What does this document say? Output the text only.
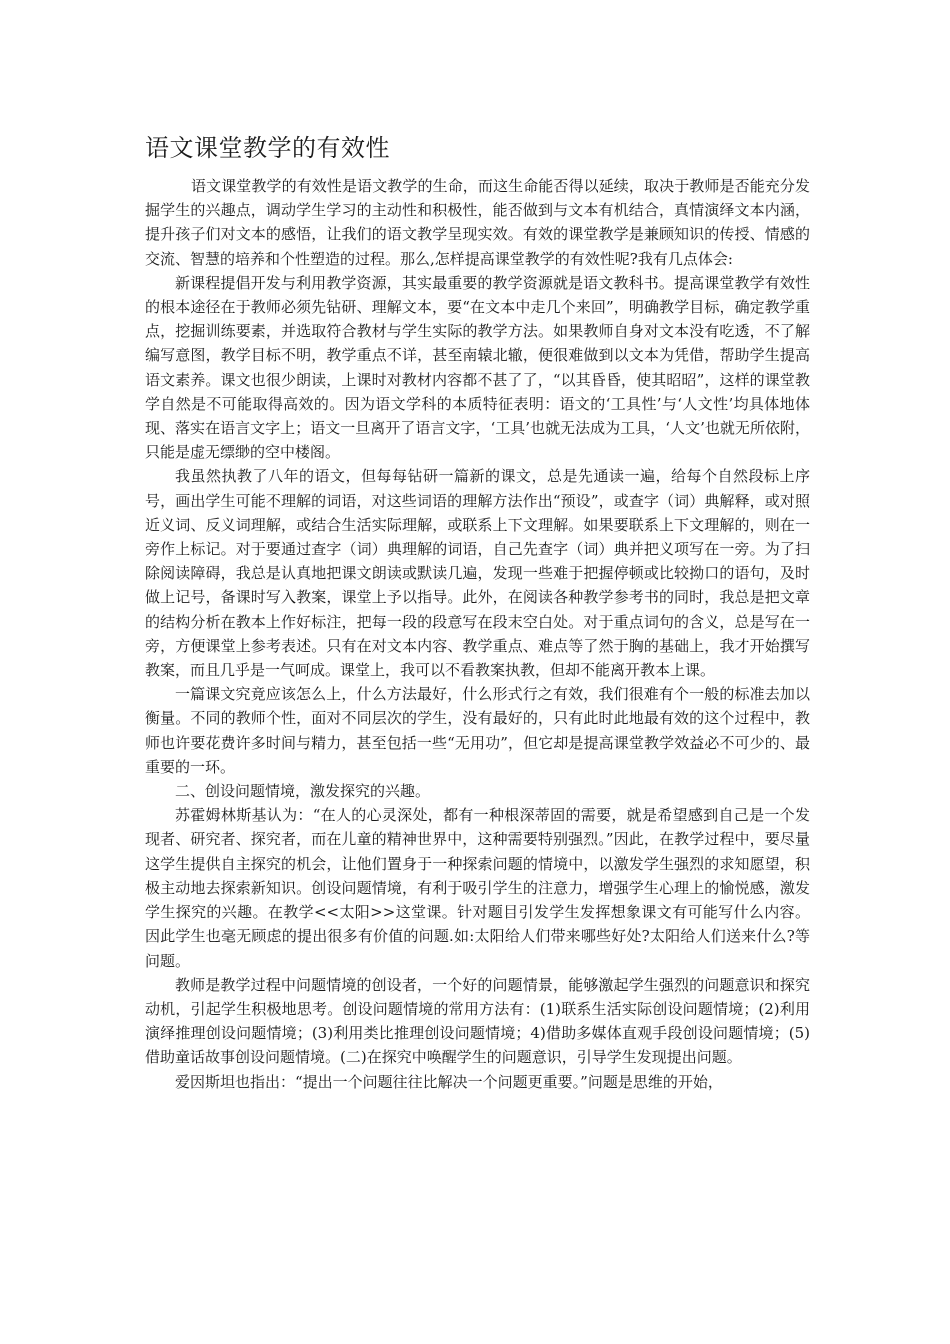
语文课堂教学的有效性

语文课堂教学的有效性是语文教学的生命，而这生命能否得以延续，取决于教师是否能充分发掘学生的兴趣点，调动学生学习的主动性和积极性，能否做到与文本有机结合，真情演绎文本内涵，提升孩子们对文本的感悟，让我们的语文教学呈现实效。有效的课堂教学是兼顾知识的传授、情感的交流、智慧的培养和个性塑造的过程。那么,怎样提高课堂教学的有效性呢?我有几点体会:

新课程提倡开发与利用教学资源，其实最重要的教学资源就是语文教科书。提高课堂教学有效性的根本途径在于教师必须先钻研、理解文本，要“在文本中走几个来回”，明确教学目标，确定教学重点，挖掘训练要素，并选取符合教材与学生实际的教学方法。如果教师自身对文本没有吃透，不了解编写意图，教学目标不明，教学重点不详，甚至南辕北辙，便很难做到以文本为凭借，帮助学生提高语文素养。课文也很少朗读，上课时对教材内容都不甚了了，“以其昏昏，使其昭昭”，这样的课堂教学自然是不可能取得高效的。因为语文学科的本质特征表明：语文的‘工具性’与‘人文性’均具体地体现、落实在语言文字上；语文一旦离开了语言文字，‘工具’也就无法成为工具，‘人文’也就无所依附，只能是虚无缥缈的空中楼阁。

我虽然执教了八年的语文，但每每钻研一篇新的课文，总是先通读一遍，给每个自然段标上序号，画出学生可能不理解的词语，对这些词语的理解方法作出“预设”，或查字（词）典解释，或对照近义词、反义词理解，或结合生活实际理解，或联系上下文理解。如果要联系上下文理解的，则在一旁作上标记。对于要通过查字（词）典理解的词语，自己先查字（词）典并把义项写在一旁。为了扫除阅读障碍，我总是认真地把课文朗读或默读几遍，发现一些难于把握停顿或比较拗口的语句，及时做上记号，备课时写入教案，课堂上予以指导。此外，在阅读各种教学参考书的同时，我总是把文章的结构分析在教本上作好标注，把每一段的段意写在段末空白处。对于重点词句的含义，总是写在一旁，方便课堂上参考表述。只有在对文本内容、教学重点、难点等了然于胸的基础上，我才开始撰写教案，而且几乎是一气呵成。课堂上，我可以不看教案执教，但却不能离开教本上课。

一篇课文究竟应该怎么上，什么方法最好，什么形式行之有效，我们很难有个一般的标准去加以衡量。不同的教师个性，面对不同层次的学生，没有最好的，只有此时此地最有效的这个过程中，教师也许要花费许多时间与精力，甚至包括一些“无用功”，但它却是提高课堂教学效益必不可少的、最重要的一环。

二、创设问题情境，激发探究的兴趣。

苏霍姆林斯基认为：“在人的心灵深处，都有一种根深蒂固的需要，就是希望感到自己是一个发现者、研究者、探究者，而在儿童的精神世界中，这种需要特别强烈。”因此，在教学过程中，要尽量这学生提供自主探究的机会，让他们置身于一种探索问题的情境中，以激发学生强烈的求知愿望，积极主动地去探索新知识。创设问题情境，有利于吸引学生的注意力，增强学生心理上的愉悦感，激发学生探究的兴趣。在教学<<太阳>>这堂课。针对题目引发学生发挥想象课文有可能写什么内容。因此学生也毫无顾虑的提出很多有价值的问题.如:太阳给人们带来哪些好处?太阳给人们送来什么?等问题。

教师是教学过程中问题情境的创设者，一个好的问题情景，能够激起学生强烈的问题意识和探究动机，引起学生积极地思考。创设问题情境的常用方法有：(1)联系生活实际创设问题情境；(2)利用演绎推理创设问题情境；(3)利用类比推理创设问题情境；4)借助多媒体直观手段创设问题情境；(5)借助童话故事创设问题情境。(二)在探究中唤醒学生的问题意识，引导学生发现提出问题。

爱因斯坦也指出：“提出一个问题往往比解决一个问题更重要。”问题是思维的开始，
